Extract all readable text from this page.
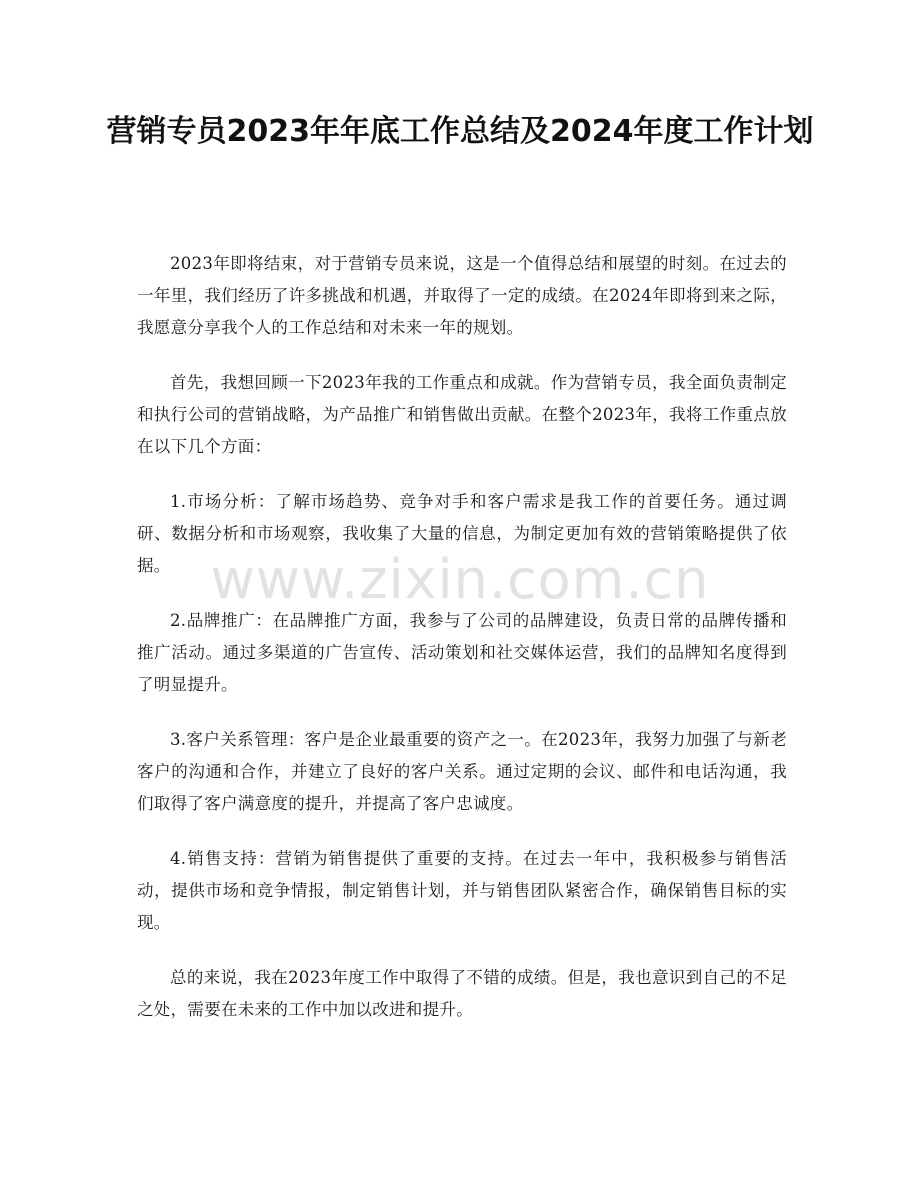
营销专员2023年年底工作总结及2024年度工作计划

2023年即将结束，对于营销专员来说，这是一个值得总结和展望的时刻。在过去的一年里，我们经历了许多挑战和机遇，并取得了一定的成绩。在2024年即将到来之际，我愿意分享我个人的工作总结和对未来一年的规划。

首先，我想回顾一下2023年我的工作重点和成就。作为营销专员，我全面负责制定和执行公司的营销战略，为产品推广和销售做出贡献。在整个2023年，我将工作重点放在以下几个方面：

1.市场分析：了解市场趋势、竞争对手和客户需求是我工作的首要任务。通过调研、数据分析和市场观察，我收集了大量的信息，为制定更加有效的营销策略提供了依据。

2.品牌推广：在品牌推广方面，我参与了公司的品牌建设，负责日常的品牌传播和推广活动。通过多渠道的广告宣传、活动策划和社交媒体运营，我们的品牌知名度得到了明显提升。

3.客户关系管理：客户是企业最重要的资产之一。在2023年，我努力加强了与新老客户的沟通和合作，并建立了良好的客户关系。通过定期的会议、邮件和电话沟通，我们取得了客户满意度的提升，并提高了客户忠诚度。

4.销售支持：营销为销售提供了重要的支持。在过去一年中，我积极参与销售活动，提供市场和竞争情报，制定销售计划，并与销售团队紧密合作，确保销售目标的实现。

总的来说，我在2023年度工作中取得了不错的成绩。但是，我也意识到自己的不足之处，需要在未来的工作中加以改进和提升。

www.zixin.com.cn
